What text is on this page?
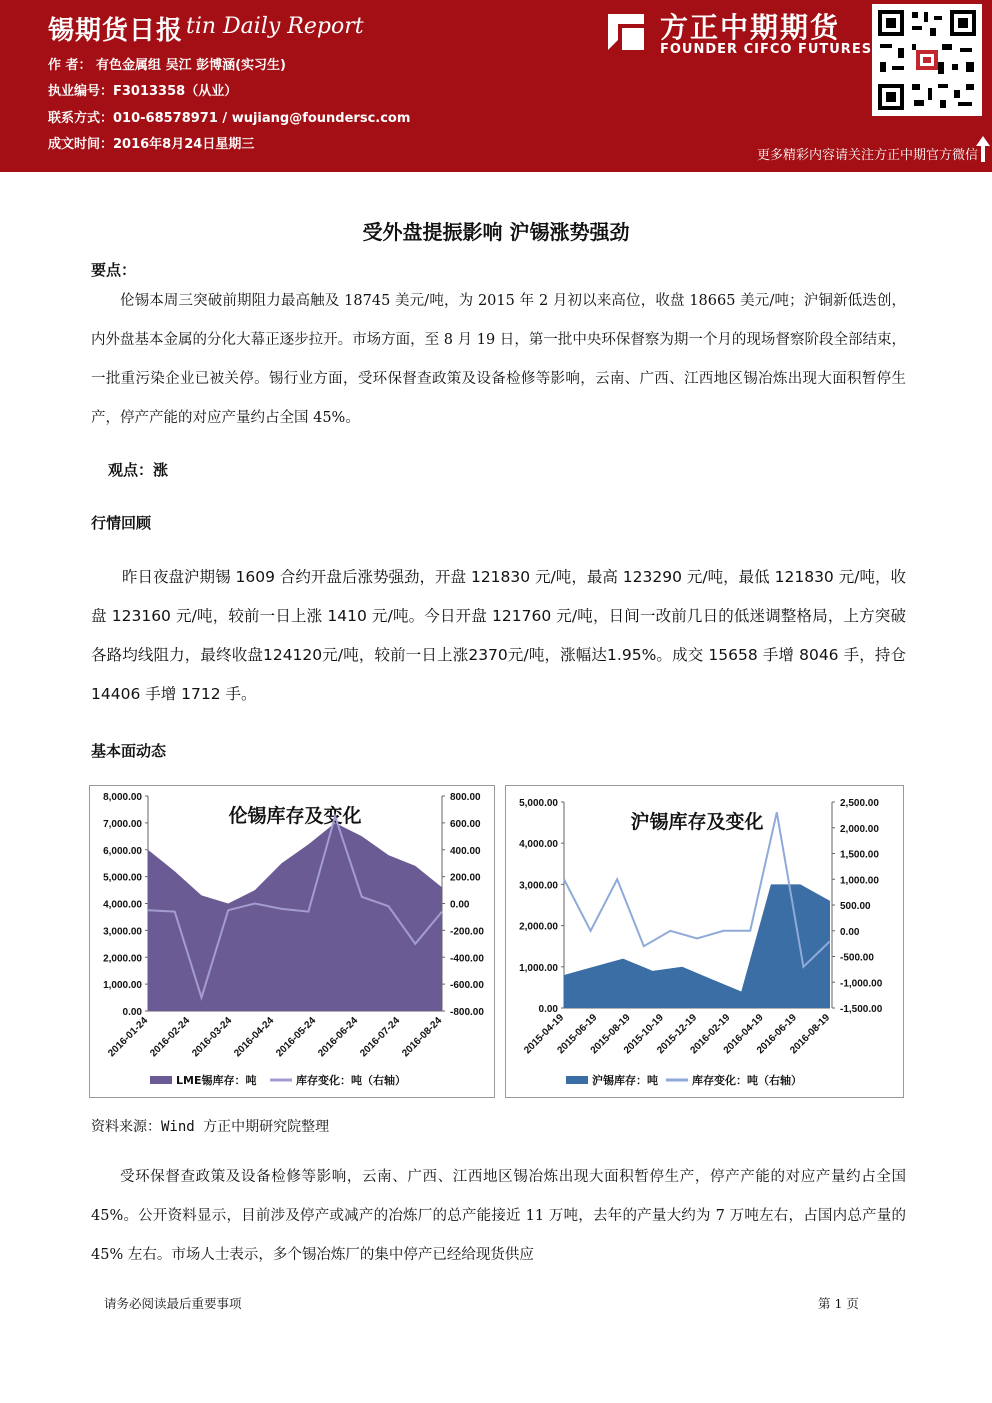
锡期货日报 tin Daily Report
作 者： 有色金属组 吴江 彭博涵(实习生)
执业编号：F3013358（从业）
联系方式：010-68578971 / wujiang@foundersc.com
成文时间：2016年8月24日星期三
方正中期期货
FOUNDER CIFCO FUTURES
更多精彩内容请关注方正中期官方微信
受外盘提振影响 沪锡涨势强劲
要点：
伦锡本周三突破前期阻力最高触及 18745 美元/吨，为 2015 年 2 月初以来高位，收盘 18665 美元/吨；沪铜新低迭创，内外盘基本金属的分化大幕正逐步拉开。市场方面，至 8 月 19 日，第一批中央环保督察为期一个月的现场督察阶段全部结束，一批重污染企业已被关停。锡行业方面，受环保督查政策及设备检修等影响，云南、广西、江西地区锡冶炼出现大面积暂停生产，停产产能的对应产量约占全国 45%。
观点：涨
行情回顾
昨日夜盘沪期锡 1609 合约开盘后涨势强劲，开盘 121830 元/吨，最高 123290 元/吨，最低 121830 元/吨，收盘 123160 元/吨，较前一日上涨 1410 元/吨。今日开盘 121760 元/吨，日间一改前几日的低迷调整格局，上方突破各路均线阻力，最终收盘124120元/吨，较前一日上涨2370元/吨，涨幅达1.95%。成交 15658 手增 8046 手，持仓 14406 手增 1712 手。
基本面动态
伦锡库存及变化
8,000.00
7,000.00
6,000.00
5,000.00
4,000.00
3,000.00
2,000.00
1,000.00
0.00
800.00
600.00
400.00
200.00
0.00
-200.00
-400.00
-600.00
-800.00
2016-01-24
2016-02-24
2016-03-24
2016-04-24
2016-05-24
2016-06-24
2016-07-24
2016-08-24
LME锡库存：吨	库存变化：吨（右轴）
沪锡库存及变化
5,000.00
4,000.00
3,000.00
2,000.00
1,000.00
0.00
2,500.00
2,000.00
1,500.00
1,000.00
500.00
0.00
-500.00
-1,000.00
-1,500.00
2015-04-19
2015-06-19
2015-08-19
2015-10-19
2015-12-19
2016-02-19
2016-04-19
2016-06-19
2016-08-19
沪锡库存：吨	库存变化：吨（右轴）
资料来源：Wind 方正中期研究院整理
受环保督查政策及设备检修等影响，云南、广西、江西地区锡冶炼出现大面积暂停生产，停产产能的对应产量约占全国 45%。公开资料显示，目前涉及停产或减产的冶炼厂的总产能接近 11 万吨，去年的产量大约为 7 万吨左右，占国内总产量的 45% 左右。市场人士表示，多个锡冶炼厂的集中停产已经给现货供应
请务必阅读最后重要事项	第 1 页
